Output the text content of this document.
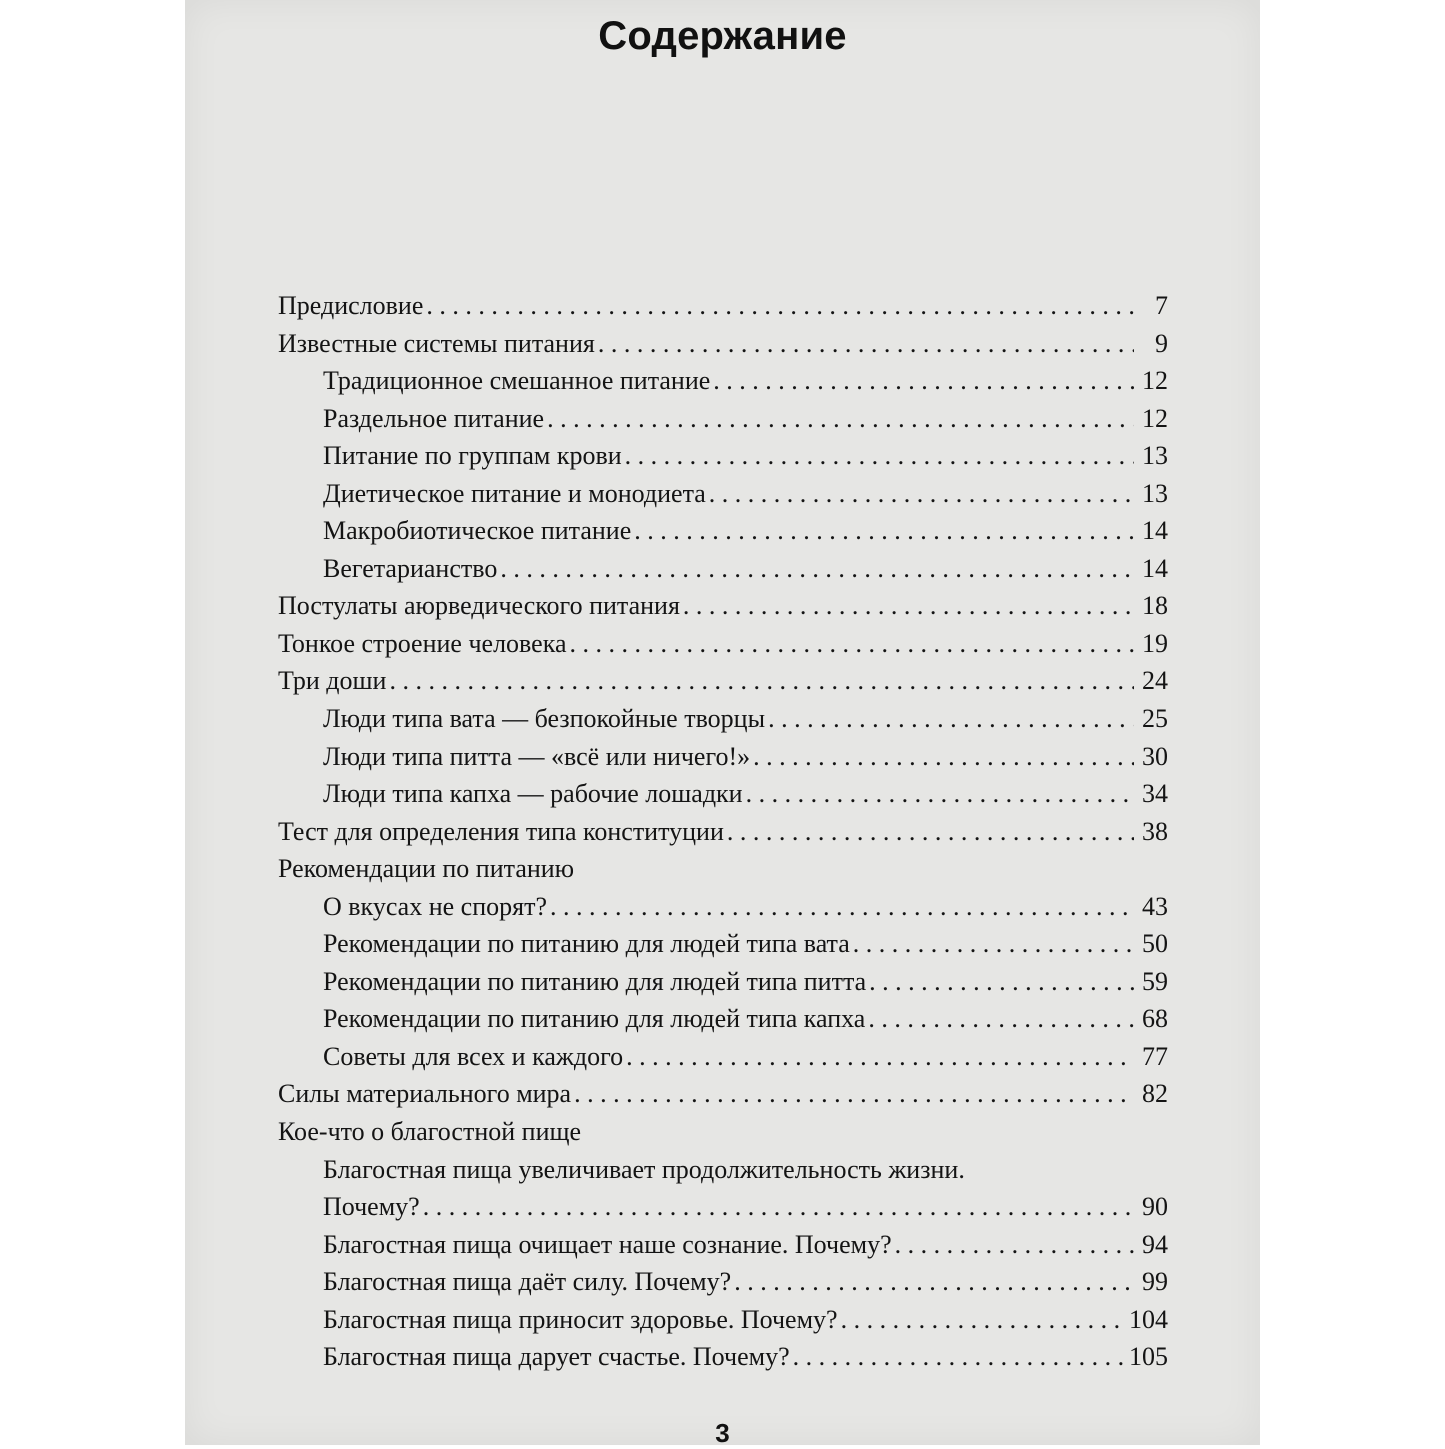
Содержание
Предисловие . . .	7
Известные системы питания . . .	9
Традиционное смешанное питание . . .	12
Раздельное питание . . .	12
Питание по группам крови . . .	13
Диетическое питание и монодиета . . .	13
Макробиотическое питание . . .	14
Вегетарианство . . .	14
Постулаты аюрведического питания . . .	18
Тонкое строение человека . . .	19
Три доши . . .	24
Люди типа вата — безпокойные творцы . . .	25
Люди типа питта — «всё или ничего!» . . .	30
Люди типа капха — рабочие лошадки . . .	34
Тест для определения типа конституции . . .	38
Рекомендации по питанию
О вкусах не спорят? . . .	43
Рекомендации по питанию для людей типа вата . . .	50
Рекомендации по питанию для людей типа питта . . .	59
Рекомендации по питанию для людей типа капха . . .	68
Советы для всех и каждого . . .	77
Силы материального мира . . .	82
Кое-что о благостной пище
Благостная пища увеличивает продолжительность жизни.
Почему? . . .	90
Благостная пища очищает наше сознание. Почему? . . .	94
Благостная пища даёт силу. Почему? . . .	99
Благостная пища приносит здоровье. Почему? . . .	104
Благостная пища дарует счастье. Почему? . . .	105
3
